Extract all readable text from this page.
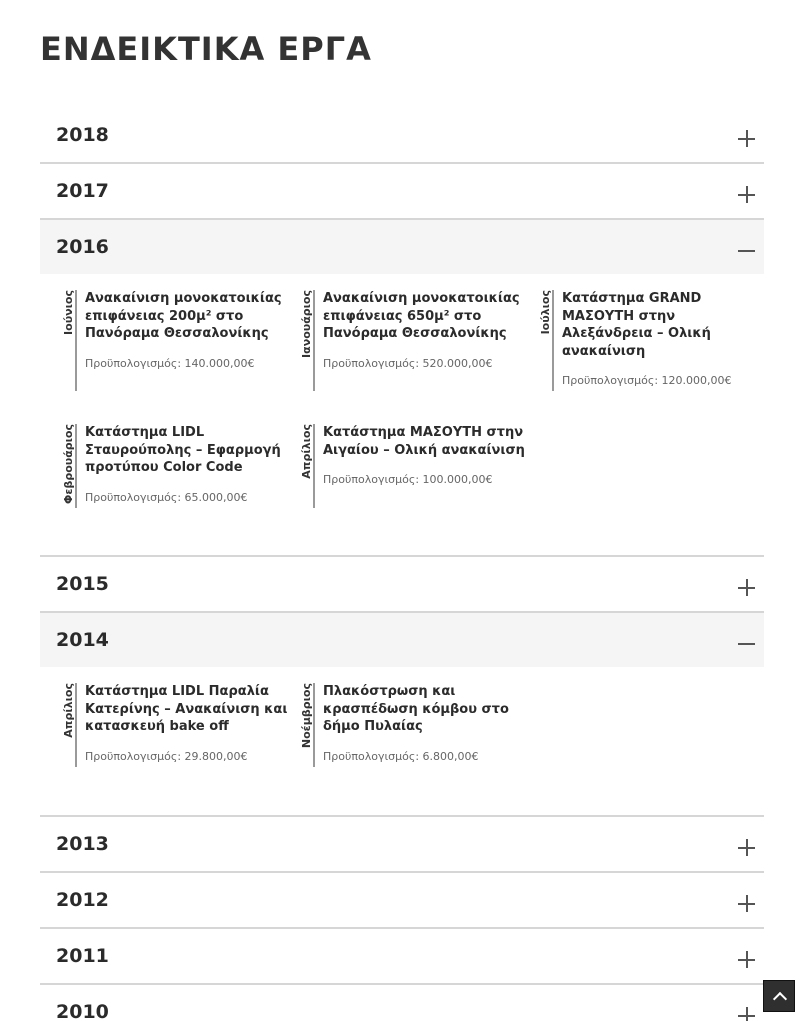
ΕΝΔΕΙΚΤΙΚΑ ΕΡΓΑ
2018
2017
2016
Ιούνιος Ανακαίνιση μονοκατοικίας επιφάνειας 200μ² στο Πανόραμα Θεσσαλονίκης
Προϋπολογισμός: 140.000,00€
Ιανουάριος Ανακαίνιση μονοκατοικίας επιφάνειας 650μ² στο Πανόραμα Θεσσαλονίκης
Προϋπολογισμός: 520.000,00€
Ιούλιος Κατάστημα GRAND ΜΑΣΟΥΤΗ στην Αλεξάνδρεια – Ολική ανακαίνιση
Προϋπολογισμός: 120.000,00€
Φεβρουάριος Κατάστημα LIDL Σταυρούπολης – Εφαρμογή προτύπου Color Code
Προϋπολογισμός: 65.000,00€
Απρίλιος Κατάστημα ΜΑΣΟΥΤΗ στην Αιγαίου – Ολική ανακαίνιση
Προϋπολογισμός: 100.000,00€
2015
2014
Απρίλιος Κατάστημα LIDL Παραλία Κατερίνης – Ανακαίνιση και κατασκευή bake off
Προϋπολογισμός: 29.800,00€
Νοέμβριος Πλακόστρωση και κρασπέδωση κόμβου στο δήμο Πυλαίας
Προϋπολογισμός: 6.800,00€
2013
2012
2011
2010
